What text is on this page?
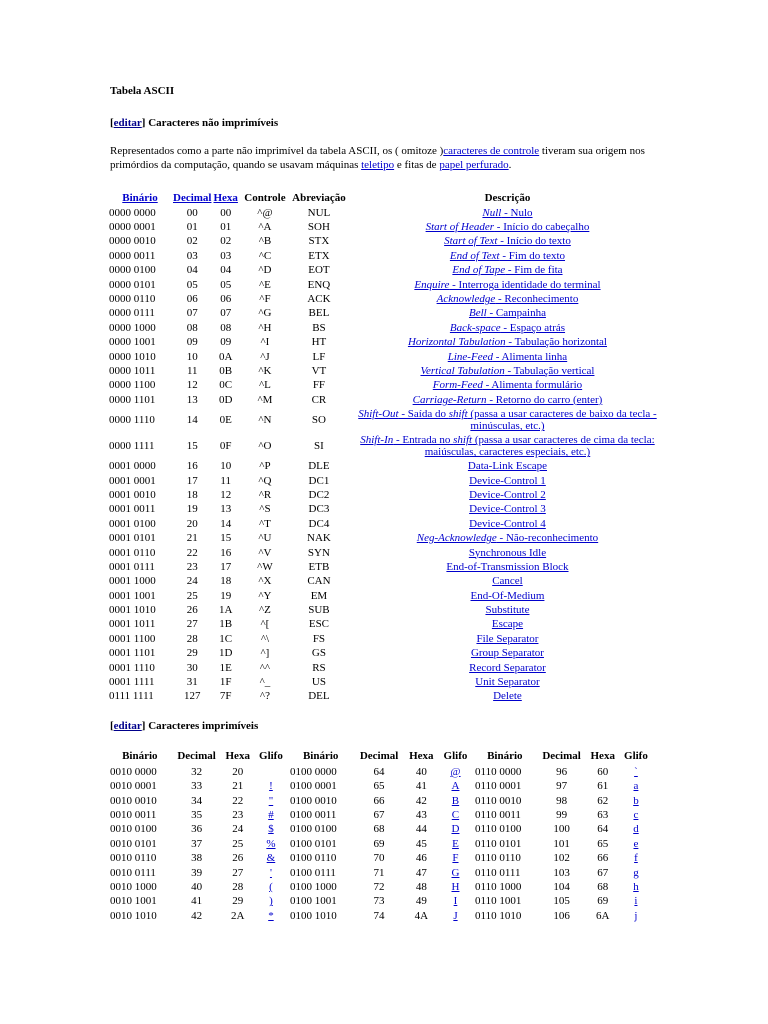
Tabela ASCII
[editar] Caracteres não imprimíveis
Representados como a parte não imprimível da tabela ASCII, os ( omitoze )caracteres de controle tiveram sua origem nos primórdios da computação, quando se usavam máquinas teletipo e fitas de papel perfurado.
Binário	Decimal	Hexa	Controle	Abreviação	Descrição
0000 0000	00	00	^@	NUL	Null - Nulo
0000 0001	01	01	^A	SOH	Start of Header - Início do cabeçalho
0000 0010	02	02	^B	STX	Start of Text - Início do texto
0000 0011	03	03	^C	ETX	End of Text - Fim do texto
0000 0100	04	04	^D	EOT	End of Tape - Fim de fita
0000 0101	05	05	^E	ENQ	Enquire - Interroga identidade do terminal
0000 0110	06	06	^F	ACK	Acknowledge - Reconhecimento
0000 0111	07	07	^G	BEL	Bell - Campainha
0000 1000	08	08	^H	BS	Back-space - Espaço atrás
0000 1001	09	09	^I	HT	Horizontal Tabulation - Tabulação horizontal
0000 1010	10	0A	^J	LF	Line-Feed - Alimenta linha
0000 1011	11	0B	^K	VT	Vertical Tabulation - Tabulação vertical
0000 1100	12	0C	^L	FF	Form-Feed - Alimenta formulário
0000 1101	13	0D	^M	CR	Carriage-Return - Retorno do carro (enter)
0000 1110	14	0E	^N	SO	Shift-Out - Saída do shift (passa a usar caracteres de baixo da tecla - minúsculas, etc.)
0000 1111	15	0F	^O	SI	Shift-In - Entrada no shift (passa a usar caracteres de cima da tecla: maiúsculas, caracteres especiais, etc.)
0001 0000	16	10	^P	DLE	Data-Link Escape
0001 0001	17	11	^Q	DC1	Device-Control 1
0001 0010	18	12	^R	DC2	Device-Control 2
0001 0011	19	13	^S	DC3	Device-Control 3
0001 0100	20	14	^T	DC4	Device-Control 4
0001 0101	21	15	^U	NAK	Neg-Acknowledge - Não-reconhecimento
0001 0110	22	16	^V	SYN	Synchronous Idle
0001 0111	23	17	^W	ETB	End-of-Transmission Block
0001 1000	24	18	^X	CAN	Cancel
0001 1001	25	19	^Y	EM	End-Of-Medium
0001 1010	26	1A	^Z	SUB	Substitute
0001 1011	27	1B	^[	ESC	Escape
0001 1100	28	1C	^\	FS	File Separator
0001 1101	29	1D	^]	GS	Group Separator
0001 1110	30	1E	^^	RS	Record Separator
0001 1111	31	1F	^_	US	Unit Separator
0111 1111	127	7F	^?	DEL	Delete
[editar] Caracteres imprimíveis
Binário	Decimal	Hexa	Glifo
0010 0000	32	20	
0010 0001	33	21	!
0010 0010	34	22	"
0010 0011	35	23	#
0010 0100	36	24	$
0010 0101	37	25	%
0010 0110	38	26	&
0010 0111	39	27	'
0010 1000	40	28	(
0010 1001	41	29	)
0010 1010	42	2A	*
Binário	Decimal	Hexa	Glifo
0100 0000	64	40	@
0100 0001	65	41	A
0100 0010	66	42	B
0100 0011	67	43	C
0100 0100	68	44	D
0100 0101	69	45	E
0100 0110	70	46	F
0100 0111	71	47	G
0100 1000	72	48	H
0100 1001	73	49	I
0100 1010	74	4A	J
Binário	Decimal	Hexa	Glifo
0110 0000	96	60	`
0110 0001	97	61	a
0110 0010	98	62	b
0110 0011	99	63	c
0110 0100	100	64	d
0110 0101	101	65	e
0110 0110	102	66	f
0110 0111	103	67	g
0110 1000	104	68	h
0110 1001	105	69	i
0110 1010	106	6A	j
